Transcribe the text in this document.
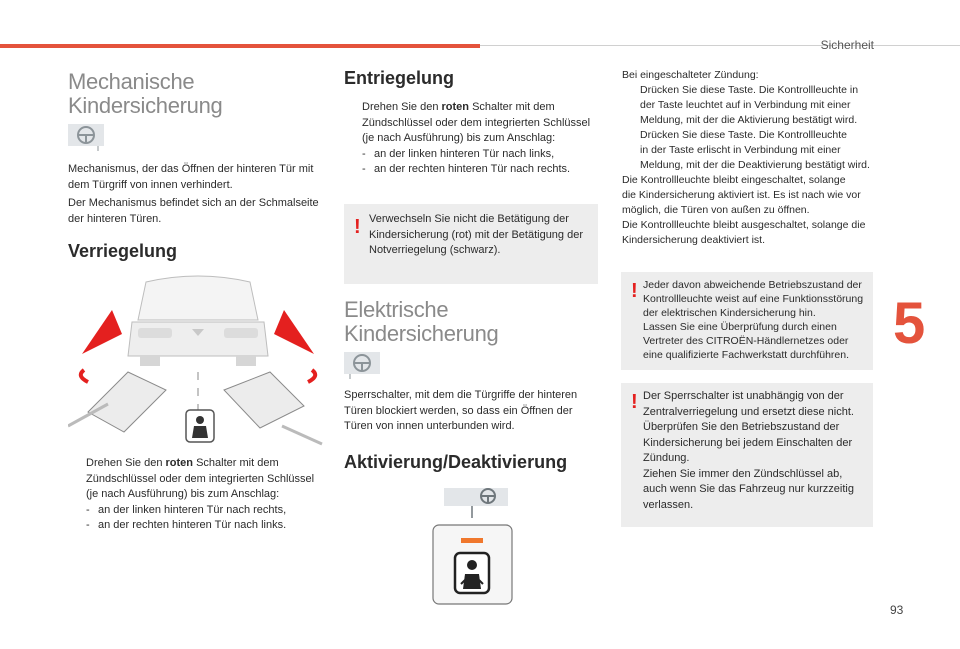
Sicherheit
5
93
Mechanische
Kindersicherung
Mechanismus, der das Öffnen der hinteren Tür mit dem Türgriff von innen verhindert.
Der Mechanismus befindet sich an der Schmalseite der hinteren Türen.
Verriegelung
Drehen Sie den roten Schalter mit dem
Zündschlüssel oder dem integrierten Schlüssel
(je nach Ausführung) bis zum Anschlag:
- an der linken hinteren Tür nach rechts,
- an der rechten hinteren Tür nach links.
Entriegelung
Drehen Sie den roten Schalter mit dem
Zündschlüssel oder dem integrierten Schlüssel
(je nach Ausführung) bis zum Anschlag:
- an der linken hinteren Tür nach links,
- an der rechten hinteren Tür nach rechts.
! Verwechseln Sie nicht die Betätigung der Kindersicherung (rot) mit der Betätigung der Notverriegelung (schwarz).
Elektrische
Kindersicherung
Sperrschalter, mit dem die Türgriffe der hinteren Türen blockiert werden, so dass ein Öffnen der Türen von innen unterbunden wird.
Aktivierung/Deaktivierung
Bei eingeschalteter Zündung:
Drücken Sie diese Taste. Die Kontrollleuchte in
der Taste leuchtet auf in Verbindung mit einer
Meldung, mit der die Aktivierung bestätigt wird.
Drücken Sie diese Taste. Die Kontrollleuchte
in der Taste erlischt in Verbindung mit einer
Meldung, mit der die Deaktivierung bestätigt wird.
Die Kontrollleuchte bleibt eingeschaltet, solange
die Kindersicherung aktiviert ist. Es ist nach wie vor
möglich, die Türen von außen zu öffnen.
Die Kontrollleuchte bleibt ausgeschaltet, solange die
Kindersicherung deaktiviert ist.
! Jeder davon abweichende Betriebszustand der
Kontrollleuchte weist auf eine Funktionsstörung
der elektrischen Kindersicherung hin.
Lassen Sie eine Überprüfung durch einen
Vertreter des CITROËN-Händlernetzes oder
eine qualifizierte Fachwerkstatt durchführen.
! Der Sperrschalter ist unabhängig von der
Zentralverriegelung und ersetzt diese nicht.
Überprüfen Sie den Betriebszustand der
Kindersicherung bei jedem Einschalten der
Zündung.
Ziehen Sie immer den Zündschlüssel ab,
auch wenn Sie das Fahrzeug nur kurzzeitig
verlassen.
